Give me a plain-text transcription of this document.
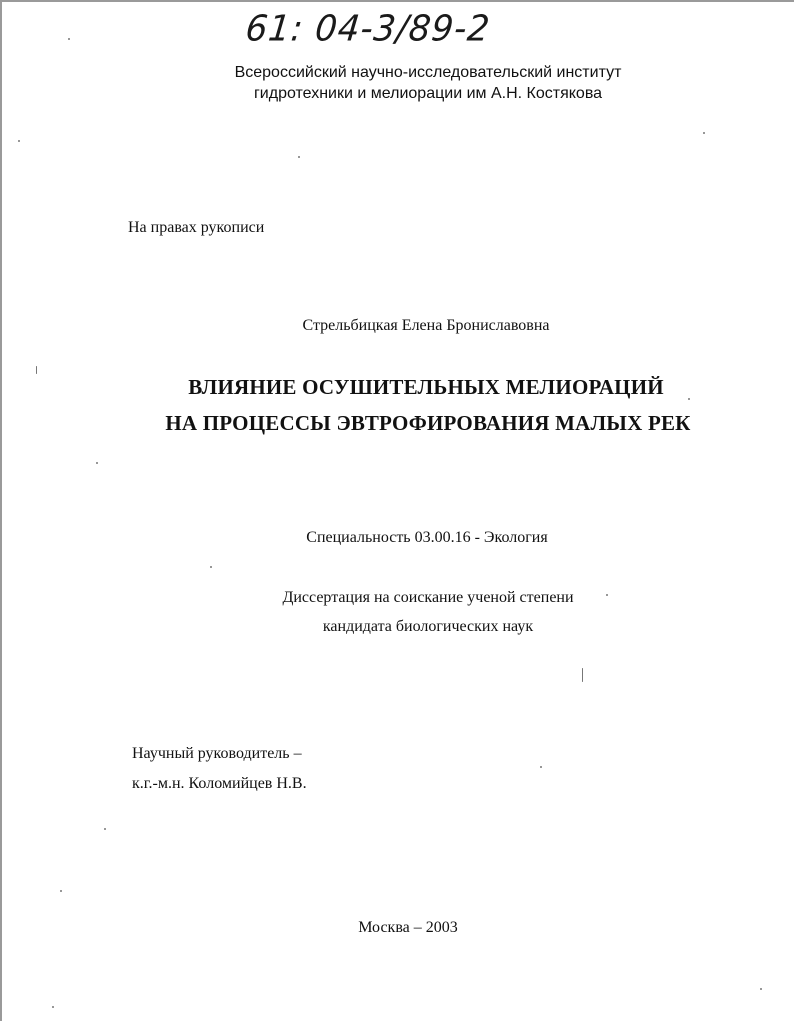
61: 04-3/89-2
Всероссийский научно-исследовательский институт
гидротехники и мелиорации им А.Н. Костякова
На правах рукописи
Стрельбицкая Елена Брониславовна
ВЛИЯНИЕ ОСУШИТЕЛЬНЫХ МЕЛИОРАЦИЙ
НА ПРОЦЕССЫ ЭВТРОФИРОВАНИЯ МАЛЫХ РЕК
Специальность 03.00.16 - Экология
Диссертация на соискание ученой степени
кандидата биологических наук
Научный руководитель –
к.г.-м.н. Коломийцев Н.В.
Москва – 2003
